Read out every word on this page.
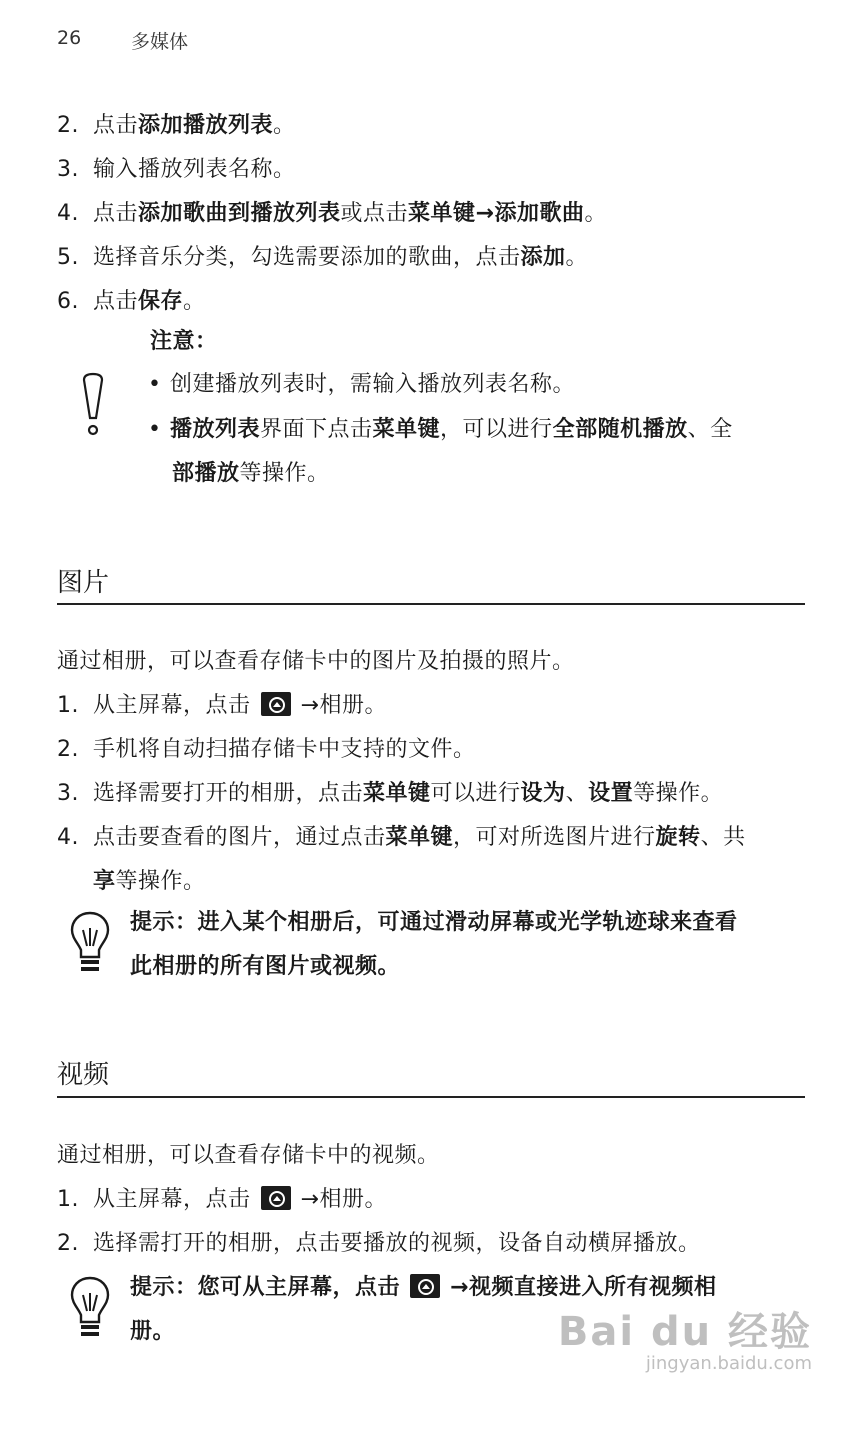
26	多媒体
2. 点击添加播放列表。
3. 输入播放列表名称。
4. 点击添加歌曲到播放列表或点击菜单键→添加歌曲。
5. 选择音乐分类，勾选需要添加的歌曲，点击添加。
6. 点击保存。
注意：
• 创建播放列表时，需输入播放列表名称。
• 播放列表界面下点击菜单键，可以进行全部随机播放、全
部播放等操作。
图片
通过相册，可以查看存储卡中的图片及拍摄的照片。
1. 从主屏幕，点击 →相册。
2. 手机将自动扫描存储卡中支持的文件。
3. 选择需要打开的相册，点击菜单键可以进行设为、设置等操作。
4. 点击要查看的图片，通过点击菜单键，可对所选图片进行旋转、共
享等操作。
提示：进入某个相册后，可通过滑动屏幕或光学轨迹球来查看
此相册的所有图片或视频。
视频
通过相册，可以查看存储卡中的视频。
1. 从主屏幕，点击 →相册。
2. 选择需打开的相册，点击要播放的视频，设备自动横屏播放。
提示：您可从主屏幕，点击 →视频直接进入所有视频相
册。	Bai du 经验
jingyan.baidu.com
